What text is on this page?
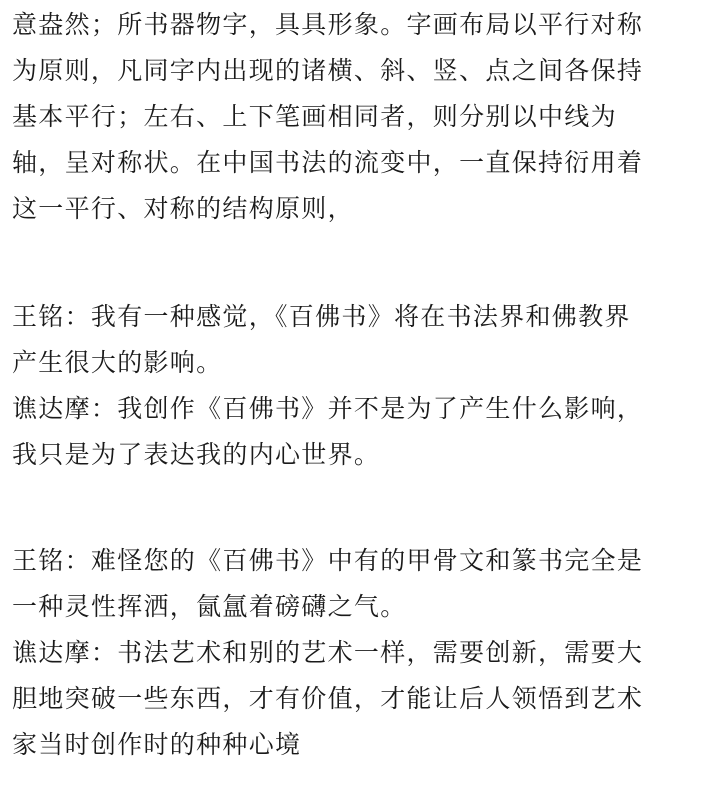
意盎然；所书器物字，具具形象。字画布局以平行对称
为原则，凡同字内出现的诸横、斜、竖、点之间各保持
基本平行；左右、上下笔画相同者，则分别以中线为
轴，呈对称状。在中国书法的流变中，一直保持衍用着
这一平行、对称的结构原则，
王铭：我有一种感觉，《百佛书》将在书法界和佛教界
产生很大的影响。
谯达摩：我创作《百佛书》并不是为了产生什么影响，
我只是为了表达我的内心世界。
王铭：难怪您的《百佛书》中有的甲骨文和篆书完全是
一种灵性挥洒，氤氲着磅礴之气。
谯达摩：书法艺术和别的艺术一样，需要创新，需要大
胆地突破一些东西，才有价值，才能让后人领悟到艺术
家当时创作时的种种心境
